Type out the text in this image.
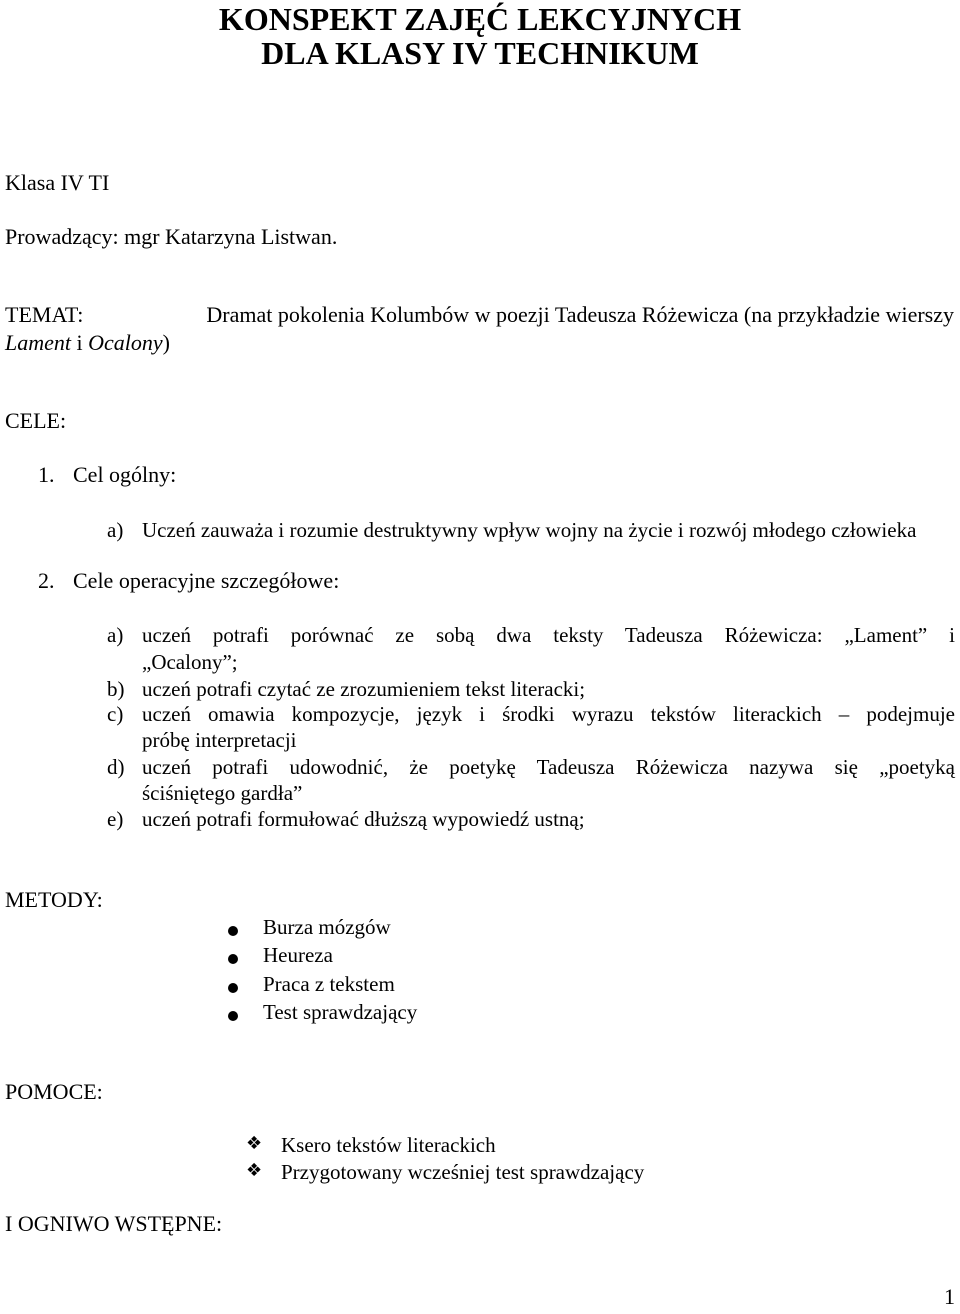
KONSPEKT ZAJĘĆ LEKCYJNYCH
DLA KLASY IV TECHNIKUM
Klasa IV TI
Prowadzący: mgr Katarzyna Listwan.
TEMAT:	Dramat pokolenia Kolumbów w poezji Tadeusza Różewicza (na przykładzie wierszy
Lament i Ocalony)
CELE:
1. Cel ogólny:
a) Uczeń zauważa i rozumie destruktywny wpływ wojny na życie i rozwój młodego człowieka
2. Cele operacyjne szczegółowe:
a) uczeń potrafi porównać ze sobą dwa teksty Tadeusza Różewicza: „Lament” i
„Ocalony”;
b) uczeń potrafi czytać ze zrozumieniem tekst literacki;
c) uczeń omawia kompozycje, język i środki wyrazu tekstów literackich – podejmuje
próbę interpretacji
d) uczeń potrafi udowodnić, że poetykę Tadeusza Różewicza nazywa się „poetyką
ściśniętego gardła”
e) uczeń potrafi formułować dłuższą wypowiedź ustną;
METODY:
Burza mózgów
Heureza
Praca z tekstem
Test sprawdzający
POMOCE:
❖ Ksero tekstów literackich
❖ Przygotowany wcześniej test sprawdzający
I OGNIWO WSTĘPNE:
1
